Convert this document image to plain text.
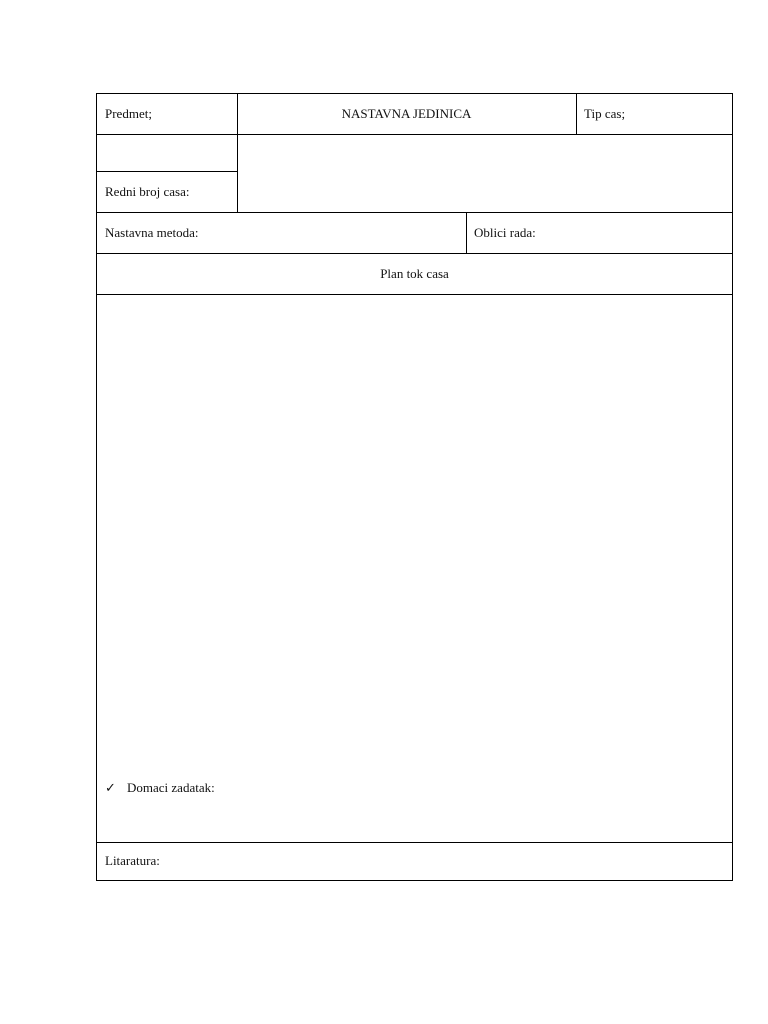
Predmet;	NASTAVNA JEDINICA	Tip cas;
Redni broj casa:
Nastavna metoda:	Oblici rada:
Plan tok casa
✓ Domaci zadatak:
Litaratura:
